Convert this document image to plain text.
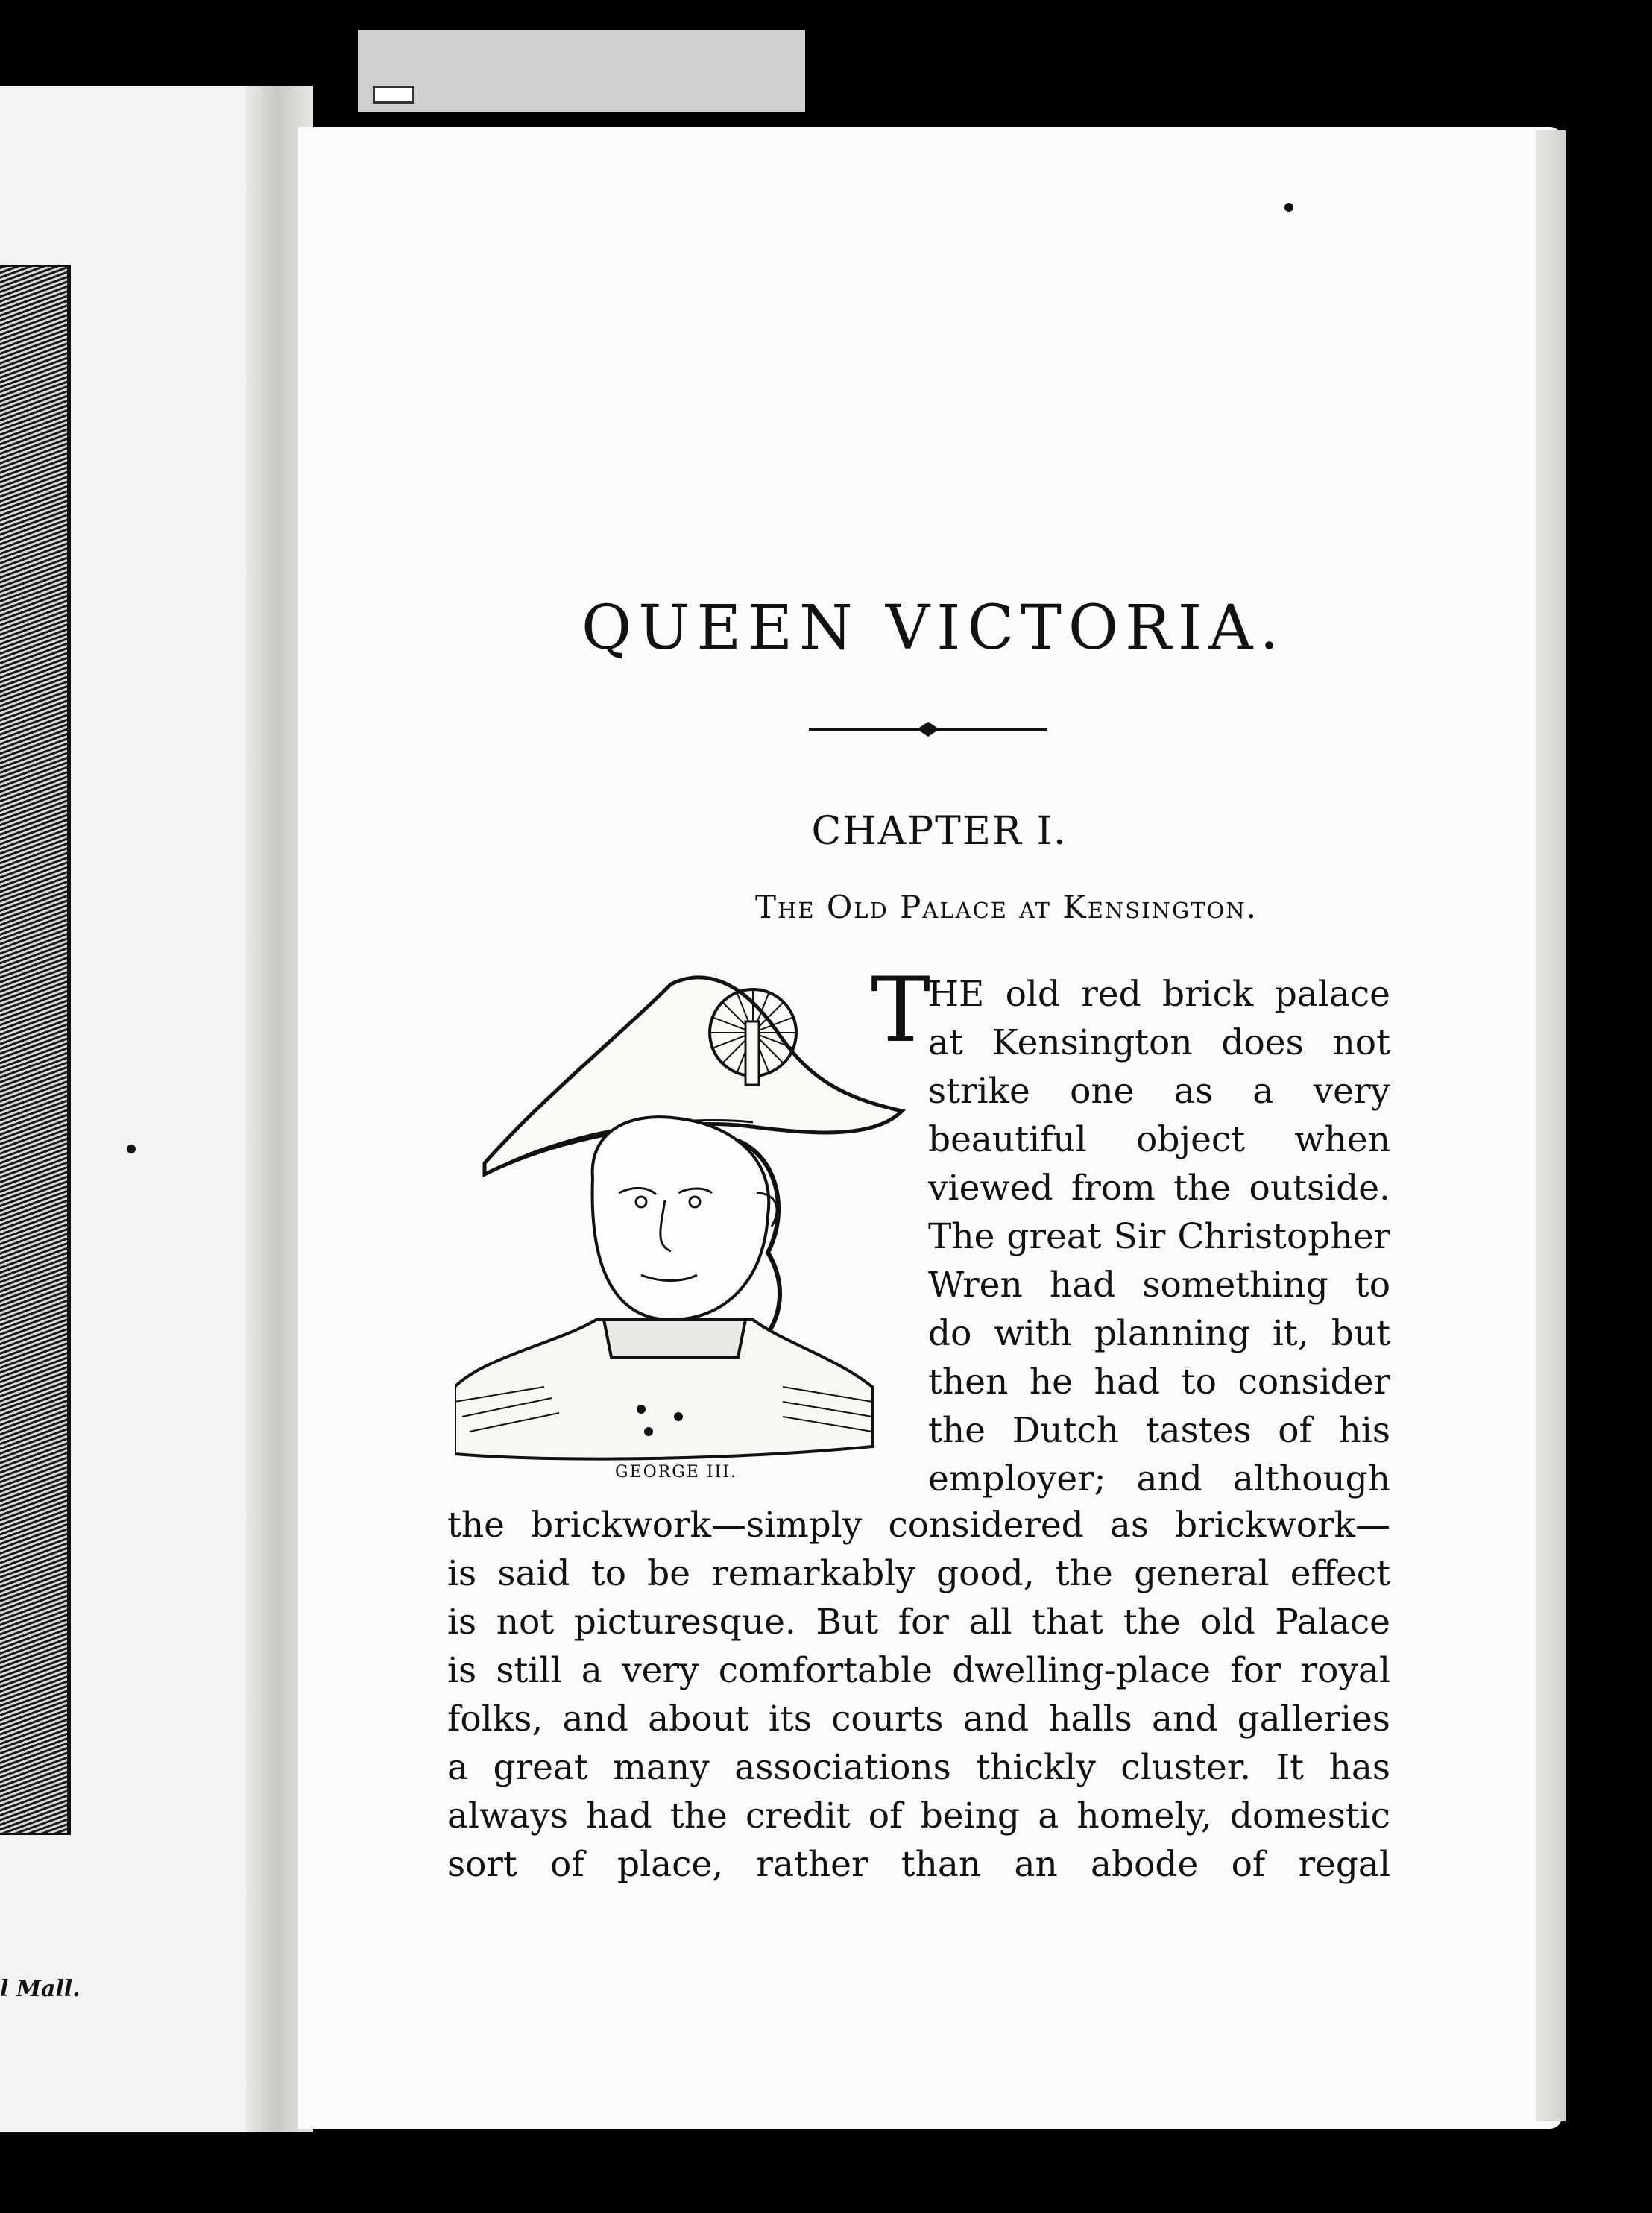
l Mall.
QUEEN VICTORIA.
CHAPTER I.
The Old Palace at Kensington.
GEORGE III.
T
HE old red brick palace
at Kensington does not
strike one as a very
beautiful object when
viewed from the outside.
The great Sir Christopher
Wren had something to
do with planning it, but
then he had to consider
the Dutch tastes of his
employer; and although
the brickwork—simply considered as brickwork—
is said to be remarkably good, the general effect
is not picturesque. But for all that the old Palace
is still a very comfortable dwelling-place for royal
folks, and about its courts and halls and galleries
a great many associations thickly cluster. It has
always had the credit of being a homely, domestic
sort of place, rather than an abode of regal
